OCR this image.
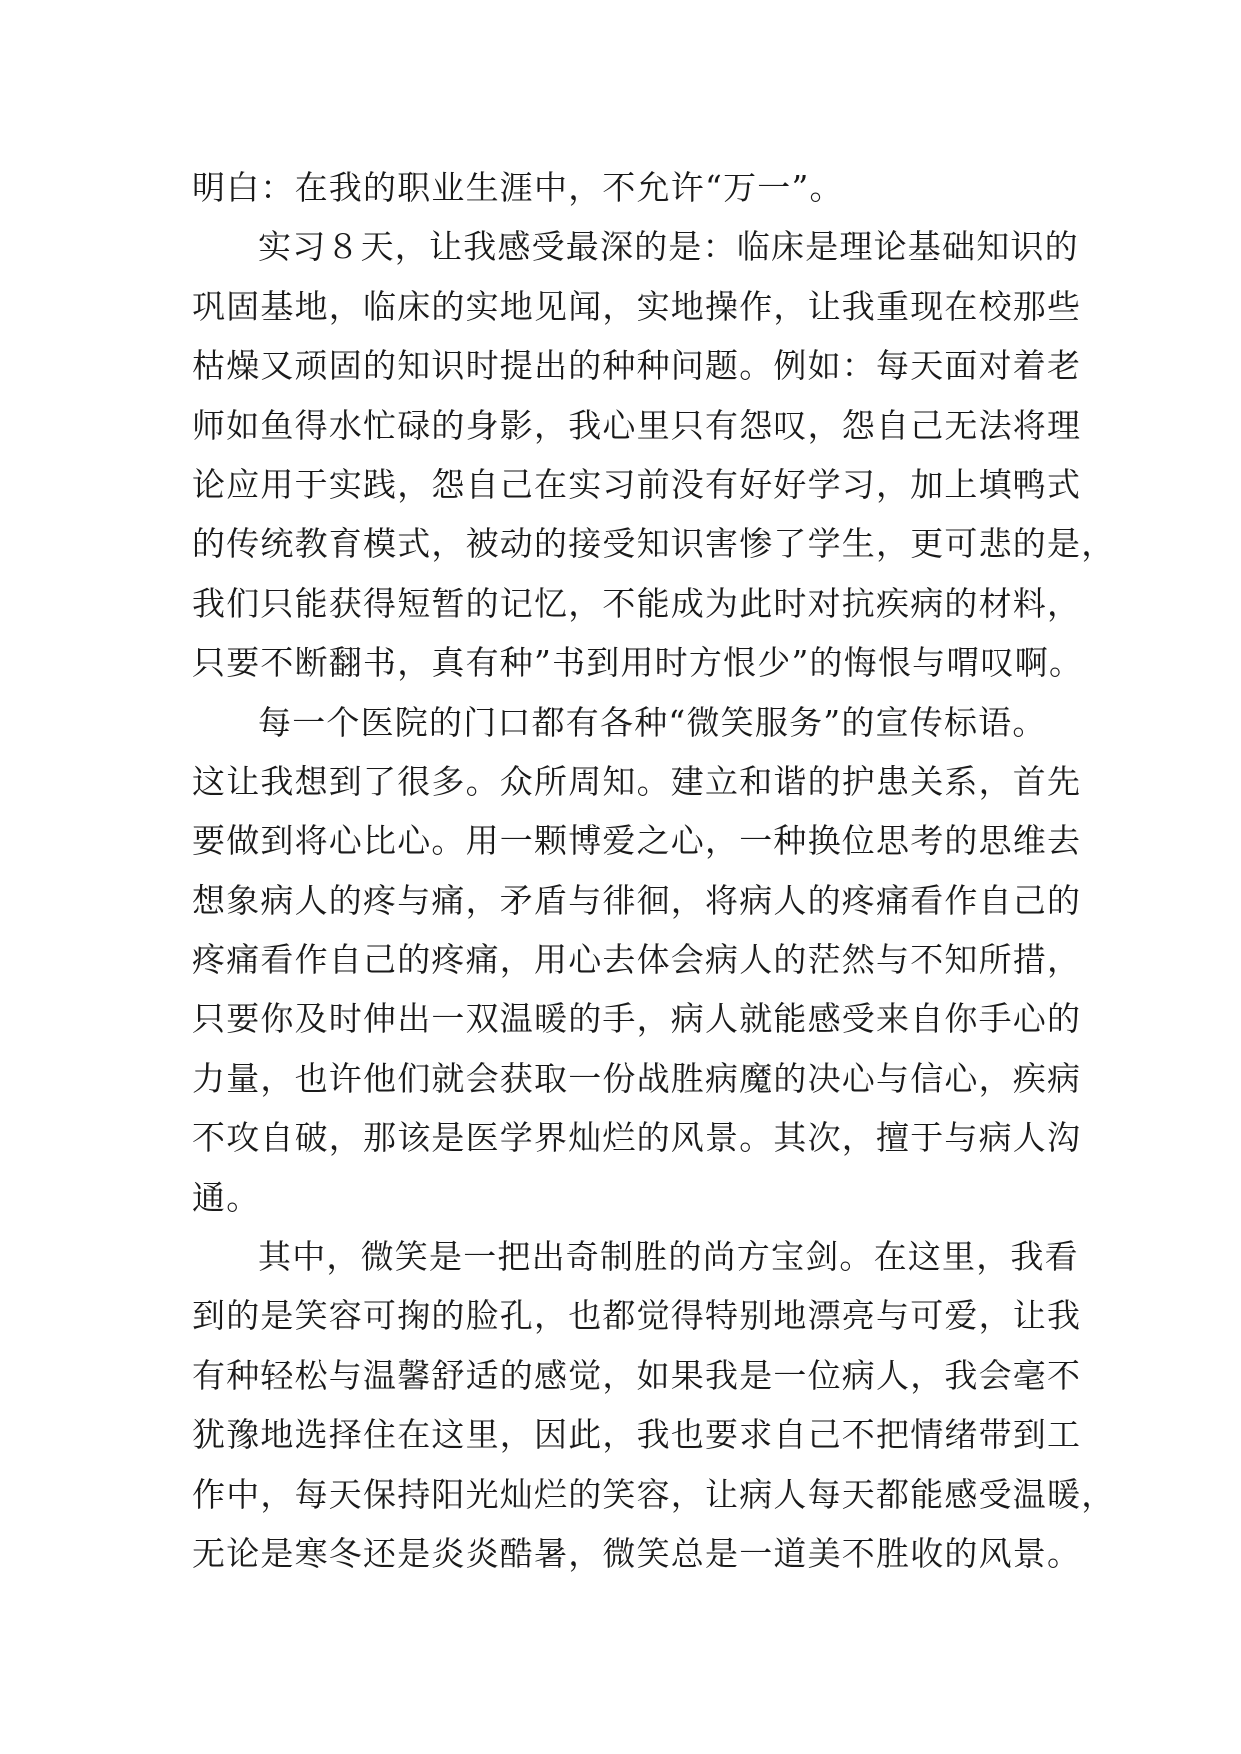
明白：在我的职业生涯中，不允许“万一”。
实习８天，让我感受最深的是：临床是理论基础知识的
巩固基地，临床的实地见闻，实地操作，让我重现在校那些
枯燥又顽固的知识时提出的种种问题。例如：每天面对着老
师如鱼得水忙碌的身影，我心里只有怨叹，怨自己无法将理
论应用于实践，怨自己在实习前没有好好学习，加上填鸭式
的传统教育模式，被动的接受知识害惨了学生，更可悲的是，
我们只能获得短暂的记忆，不能成为此时对抗疾病的材料，
只要不断翻书，真有种”书到用时方恨少”的悔恨与喟叹啊。
每一个医院的门口都有各种“微笑服务”的宣传标语。
这让我想到了很多。众所周知。建立和谐的护患关系，首先
要做到将心比心。用一颗博爱之心，一种换位思考的思维去
想象病人的疼与痛，矛盾与徘徊，将病人的疼痛看作自己的
疼痛看作自己的疼痛，用心去体会病人的茫然与不知所措，
只要你及时伸出一双温暖的手，病人就能感受来自你手心的
力量，也许他们就会获取一份战胜病魔的决心与信心，疾病
不攻自破，那该是医学界灿烂的风景。其次，擅于与病人沟
通。
其中，微笑是一把出奇制胜的尚方宝剑。在这里，我看
到的是笑容可掬的脸孔，也都觉得特别地漂亮与可爱，让我
有种轻松与温馨舒适的感觉，如果我是一位病人，我会毫不
犹豫地选择住在这里，因此，我也要求自己不把情绪带到工
作中，每天保持阳光灿烂的笑容，让病人每天都能感受温暖，
无论是寒冬还是炎炎酷暑，微笑总是一道美不胜收的风景。
